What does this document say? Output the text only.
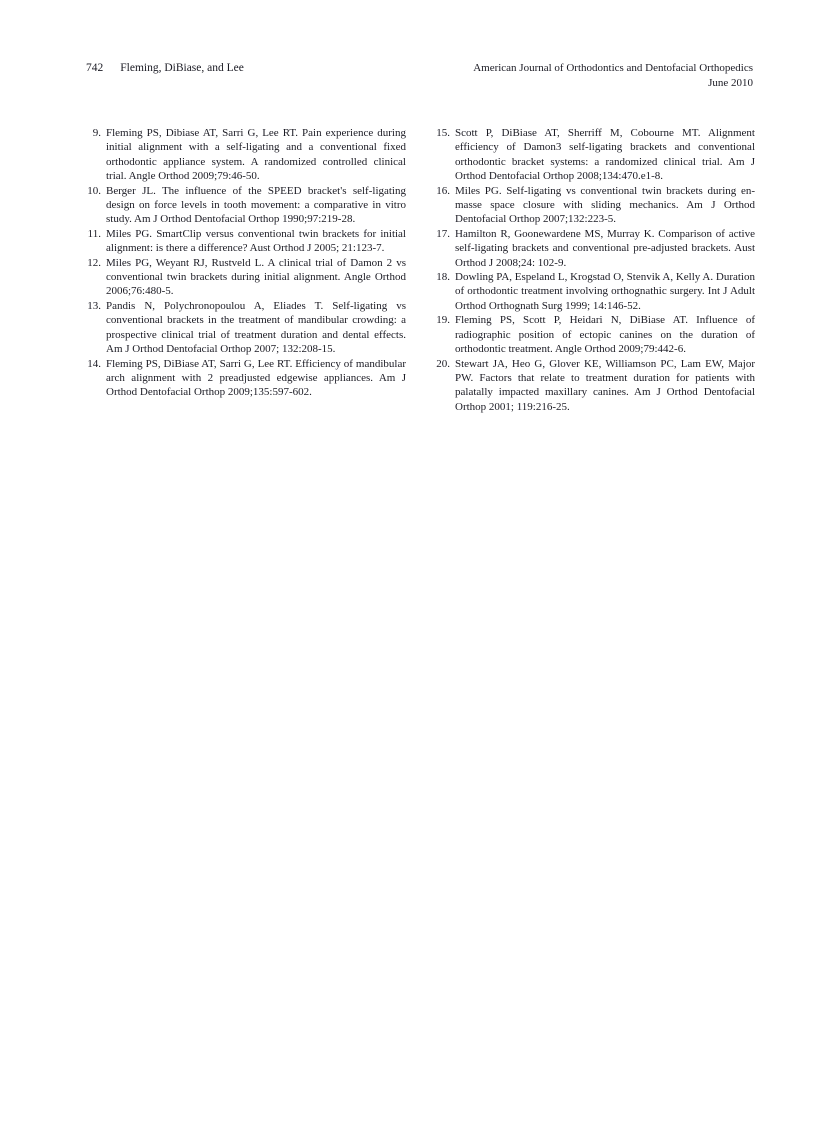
742 Fleming, DiBiase, and Lee	American Journal of Orthodontics and Dentofacial Orthopedics
June 2010
9. Fleming PS, Dibiase AT, Sarri G, Lee RT. Pain experience during initial alignment with a self-ligating and a conventional fixed orthodontic appliance system. A randomized controlled clinical trial. Angle Orthod 2009;79:46-50.
10. Berger JL. The influence of the SPEED bracket's self-ligating design on force levels in tooth movement: a comparative in vitro study. Am J Orthod Dentofacial Orthop 1990;97:219-28.
11. Miles PG. SmartClip versus conventional twin brackets for initial alignment: is there a difference? Aust Orthod J 2005; 21:123-7.
12. Miles PG, Weyant RJ, Rustveld L. A clinical trial of Damon 2 vs conventional twin brackets during initial alignment. Angle Orthod 2006;76:480-5.
13. Pandis N, Polychronopoulou A, Eliades T. Self-ligating vs conventional brackets in the treatment of mandibular crowding: a prospective clinical trial of treatment duration and dental effects. Am J Orthod Dentofacial Orthop 2007; 132:208-15.
14. Fleming PS, DiBiase AT, Sarri G, Lee RT. Efficiency of mandibular arch alignment with 2 preadjusted edgewise appliances. Am J Orthod Dentofacial Orthop 2009;135:597-602.
15. Scott P, DiBiase AT, Sherriff M, Cobourne MT. Alignment efficiency of Damon3 self-ligating brackets and conventional orthodontic bracket systems: a randomized clinical trial. Am J Orthod Dentofacial Orthop 2008;134:470.e1-8.
16. Miles PG. Self-ligating vs conventional twin brackets during en-masse space closure with sliding mechanics. Am J Orthod Dentofacial Orthop 2007;132:223-5.
17. Hamilton R, Goonewardene MS, Murray K. Comparison of active self-ligating brackets and conventional pre-adjusted brackets. Aust Orthod J 2008;24: 102-9.
18. Dowling PA, Espeland L, Krogstad O, Stenvik A, Kelly A. Duration of orthodontic treatment involving orthognathic surgery. Int J Adult Orthod Orthognath Surg 1999; 14:146-52.
19. Fleming PS, Scott P, Heidari N, DiBiase AT. Influence of radiographic position of ectopic canines on the duration of orthodontic treatment. Angle Orthod 2009;79:442-6.
20. Stewart JA, Heo G, Glover KE, Williamson PC, Lam EW, Major PW. Factors that relate to treatment duration for patients with palatally impacted maxillary canines. Am J Orthod Dentofacial Orthop 2001; 119:216-25.
